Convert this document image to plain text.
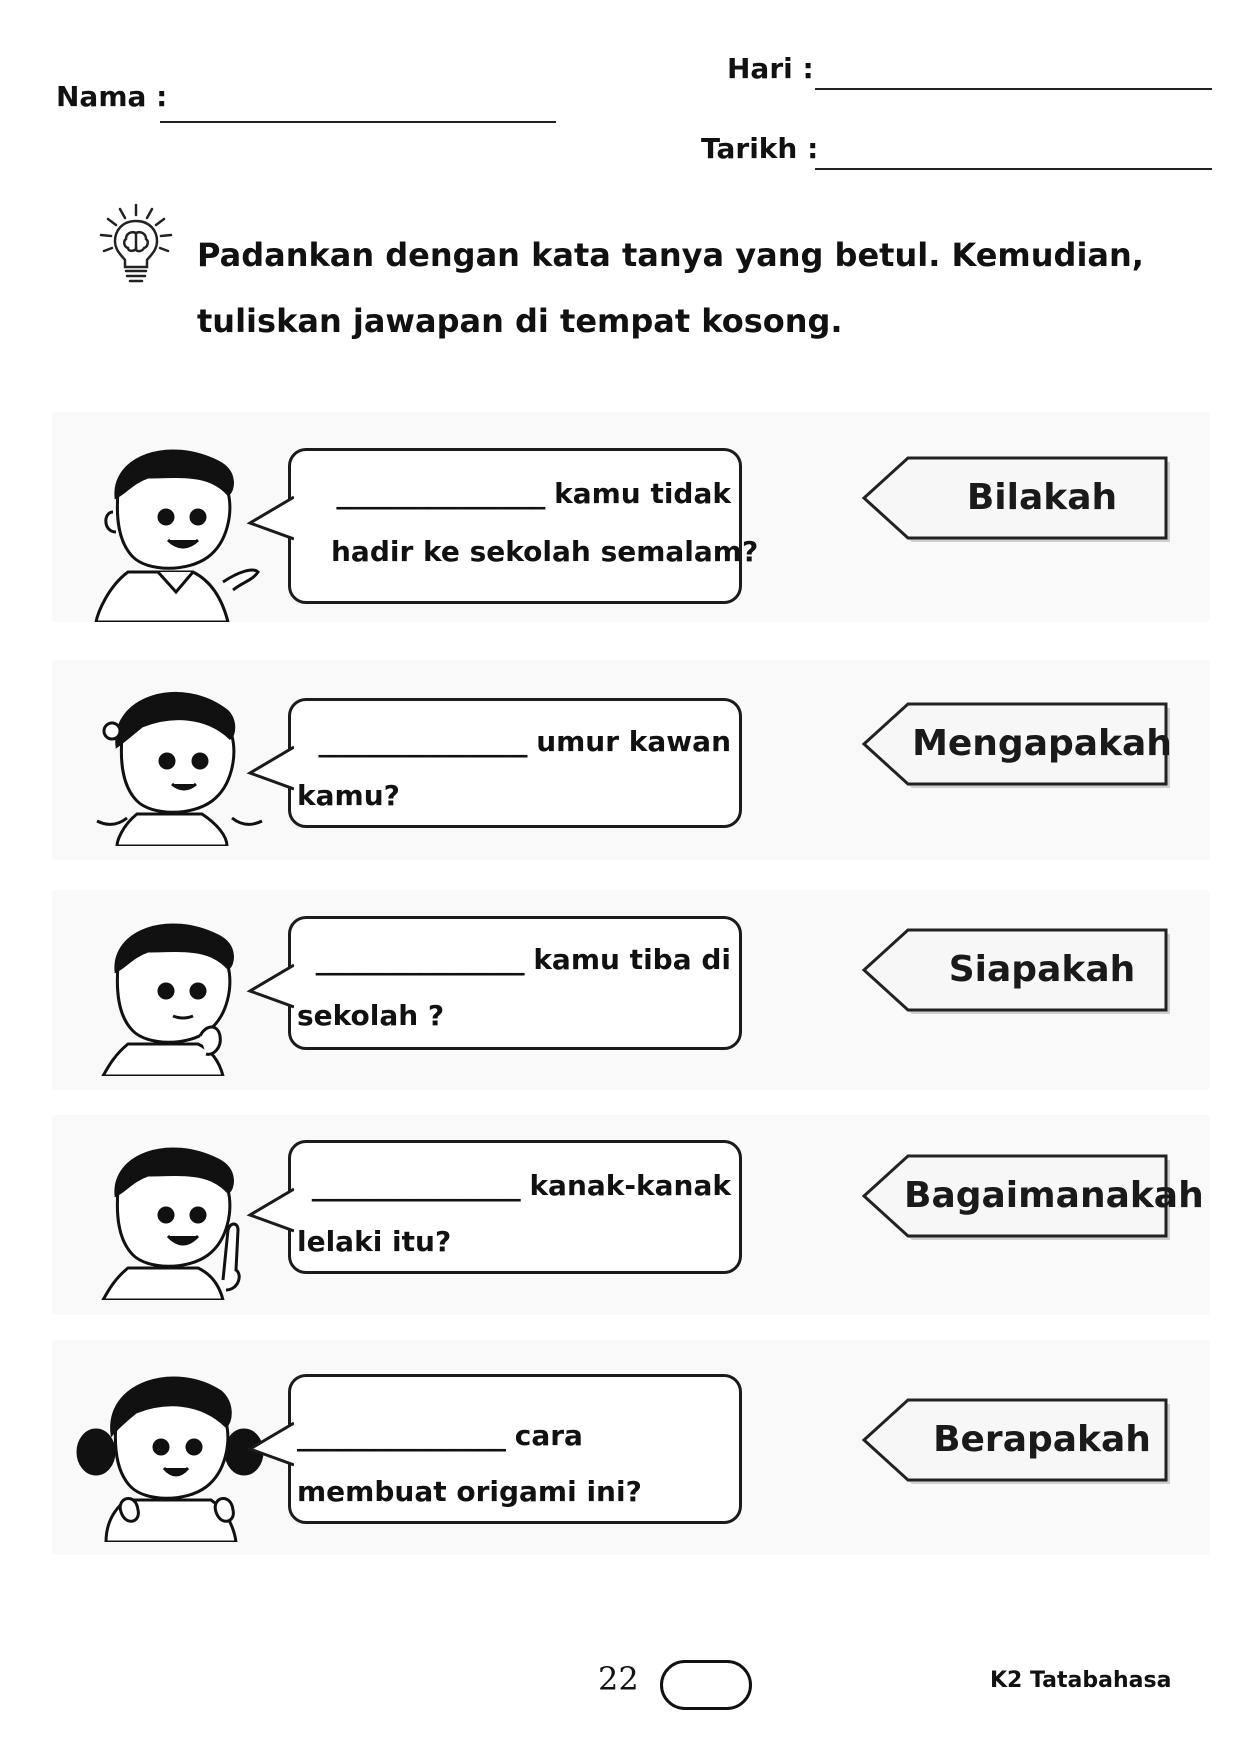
Hari :
Nama :
Tarikh :
Padankan dengan kata tanya yang betul. Kemudian, tuliskan jawapan di tempat kosong.
________________ kamu tidak
hadir ke sekolah semalam?
Bilakah
________________ umur kawan
kamu?
Mengapakah
________________ kamu tiba di
sekolah ?
Siapakah
________________ kanak-kanak
lelaki itu?
Bagaimanakah
________________ cara
membuat origami ini?
Berapakah
22	K2 Tatabahasa
